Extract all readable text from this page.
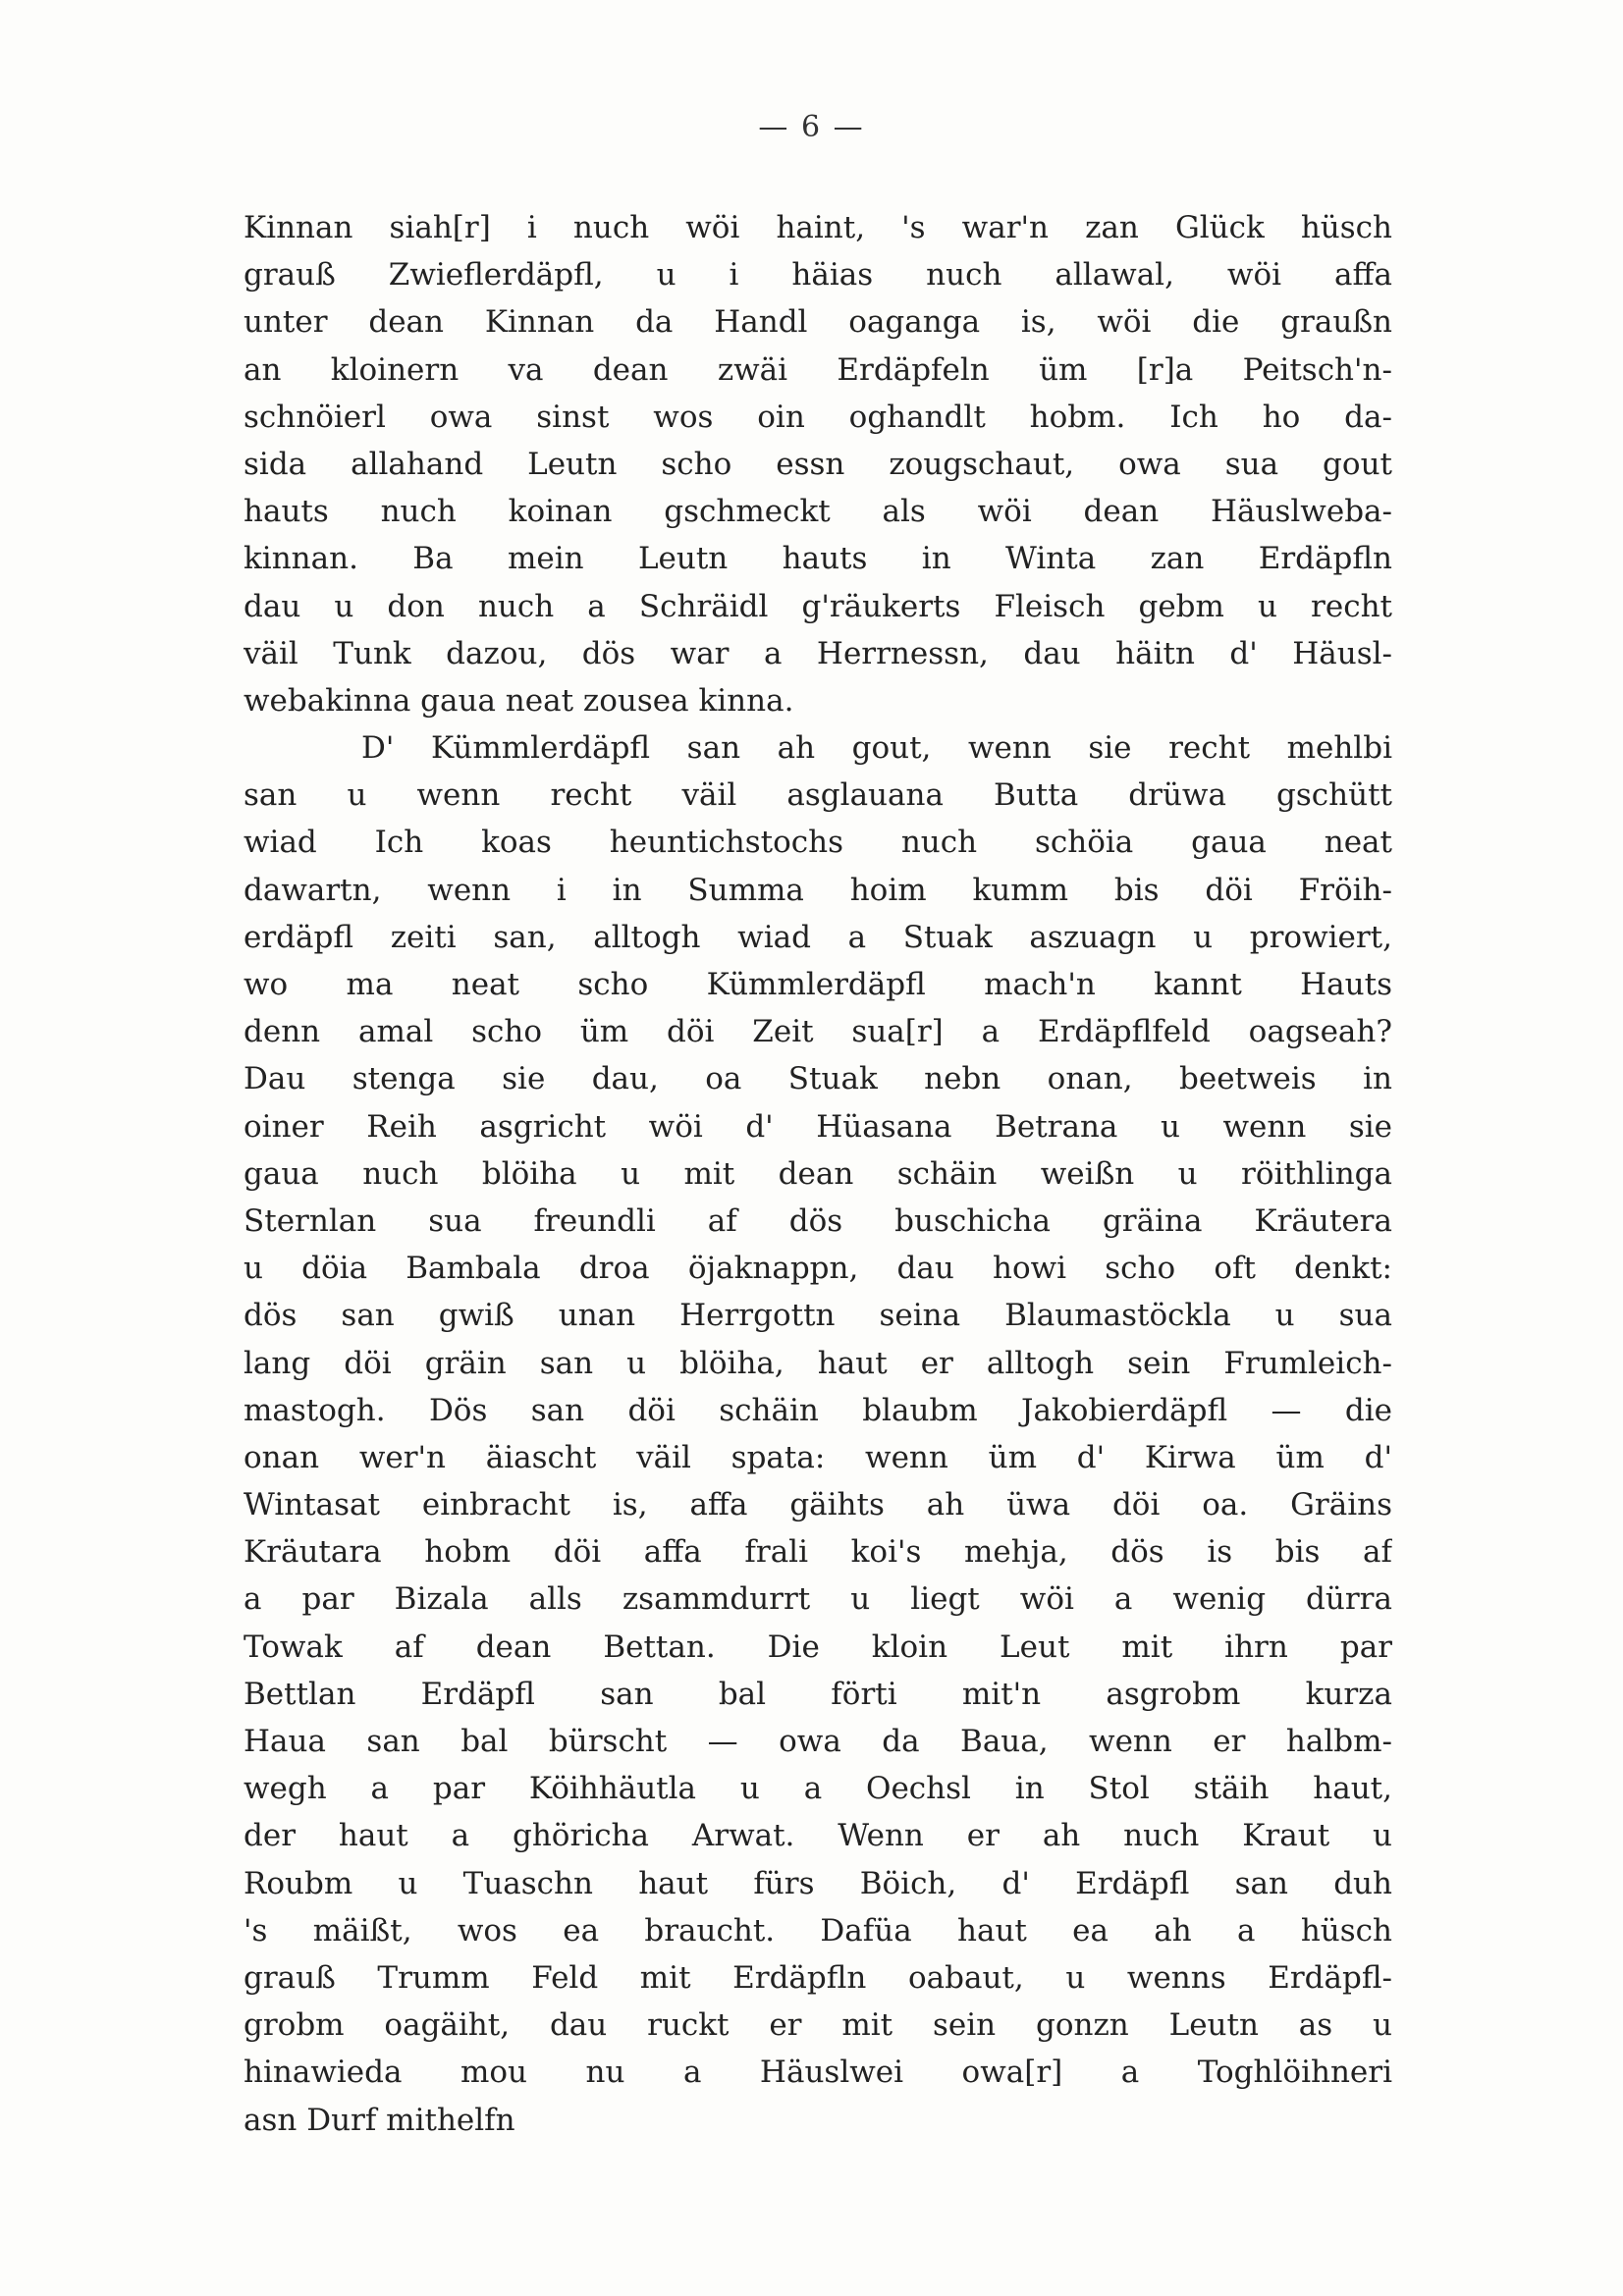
— 6 —
Kinnan siah[r] i nuch wöi haint, 's war'n zan Glück hüsch
grauß Zwieflerdäpfl, u i häias nuch allawal, wöi affa
unter dean Kinnan da Handl oaganga is, wöi die graußn
an kloinern va dean zwäi Erdäpfeln üm [r]a Peitsch'n-
schnöierl owa sinst wos oin oghandlt hobm. Ich ho da-
sida allahand Leutn scho essn zougschaut, owa sua gout
hauts nuch koinan gschmeckt als wöi dean Häuslweba-
kinnan. Ba mein Leutn hauts in Winta zan Erdäpfln
dau u don nuch a Schräidl g'räukerts Fleisch gebm u recht
väil Tunk dazou, dös war a Herrnessn, dau häitn d' Häusl-
webakinna gaua neat zousea kinna.
D' Kümmlerdäpfl san ah gout, wenn sie recht mehlbi
san u wenn recht väil asglauana Butta drüwa gschütt
wiad Ich koas heuntichstochs nuch schöia gaua neat
dawartn, wenn i in Summa hoim kumm bis döi Fröih-
erdäpfl zeiti san, alltogh wiad a Stuak aszuagn u prowiert,
wo ma neat scho Kümmlerdäpfl mach'n kannt Hauts
denn amal scho üm döi Zeit sua[r] a Erdäpflfeld oagseah?
Dau stenga sie dau, oa Stuak nebn onan, beetweis in
oiner Reih asgricht wöi d' Hüasana Betrana u wenn sie
gaua nuch blöiha u mit dean schäin weißn u röithlinga
Sternlan sua freundli af dös buschicha gräina Kräutera
u döia Bambala droa öjaknappn, dau howi scho oft denkt:
dös san gwiß unan Herrgottn seina Blaumastöckla u sua
lang döi gräin san u blöiha, haut er alltogh sein Frumleich-
mastogh. Dös san döi schäin blaubm Jakobierdäpfl — die
onan wer'n äiascht väil spata: wenn üm d' Kirwa üm d'
Wintasat einbracht is, affa gäihts ah üwa döi oa. Gräins
Kräutara hobm döi affa frali koi's mehja, dös is bis af
a par Bizala alls zsammdurrt u liegt wöi a wenig dürra
Towak af dean Bettan. Die kloin Leut mit ihrn par
Bettlan Erdäpfl san bal förti mit'n asgrobm kurza
Haua san bal bürscht — owa da Baua, wenn er halbm-
wegh a par Köihhäutla u a Oechsl in Stol stäih haut,
der haut a ghöricha Arwat. Wenn er ah nuch Kraut u
Roubm u Tuaschn haut fürs Böich, d' Erdäpfl san duh
's mäißt, wos ea braucht. Dafüa haut ea ah a hüsch
grauß Trumm Feld mit Erdäpfln oabaut, u wenns Erdäpfl-
grobm oagäiht, dau ruckt er mit sein gonzn Leutn as u
hinawieda mou nu a Häuslwei owa[r] a Toghlöihneri
asn Durf mithelfn
